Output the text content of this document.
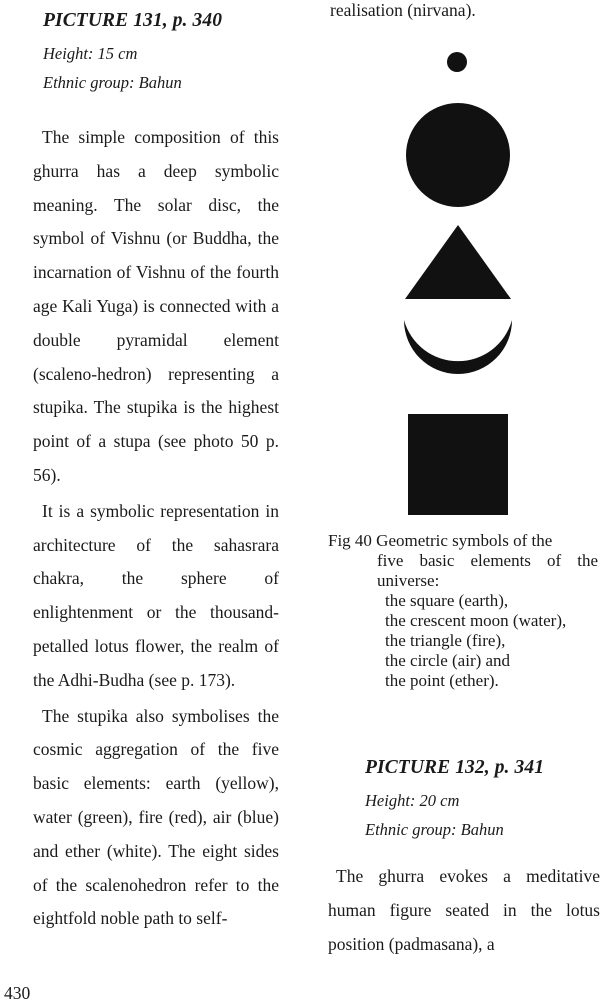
PICTURE 131, p. 340

Height: 15 cm

Ethnic group: Bahun

The simple composition of this ghurra has a deep symbolic meaning. The solar disc, the symbol of Vishnu (or Buddha, the incarnation of Vishnu of the fourth age Kali Yuga) is connected with a double pyramidal element (scaleno-hedron) representing a stupika. The stupika is the highest point of a stupa (see photo 50 p. 56).

It is a symbolic representation in architecture of the sahasrara chakra, the sphere of enlightenment or the thousand-petalled lotus flower, the realm of the Adhi-Budha (see p. 173).

The stupika also symbolises the cosmic aggregation of the five basic elements: earth (yellow), water (green), fire (red), air (blue) and ether (white). The eight sides of the scalenohedron refer to the eightfold noble path to self-

realisation (nirvana).

Fig 40 Geometric symbols of the

five basic elements of the universe:

the square (earth),

the crescent moon (water),

the triangle (fire),

the circle (air) and

the point (ether).

PICTURE 132, p. 341

Height: 20 cm

Ethnic group: Bahun

The ghurra evokes a meditative human figure seated in the lotus position (padmasana), a

430
